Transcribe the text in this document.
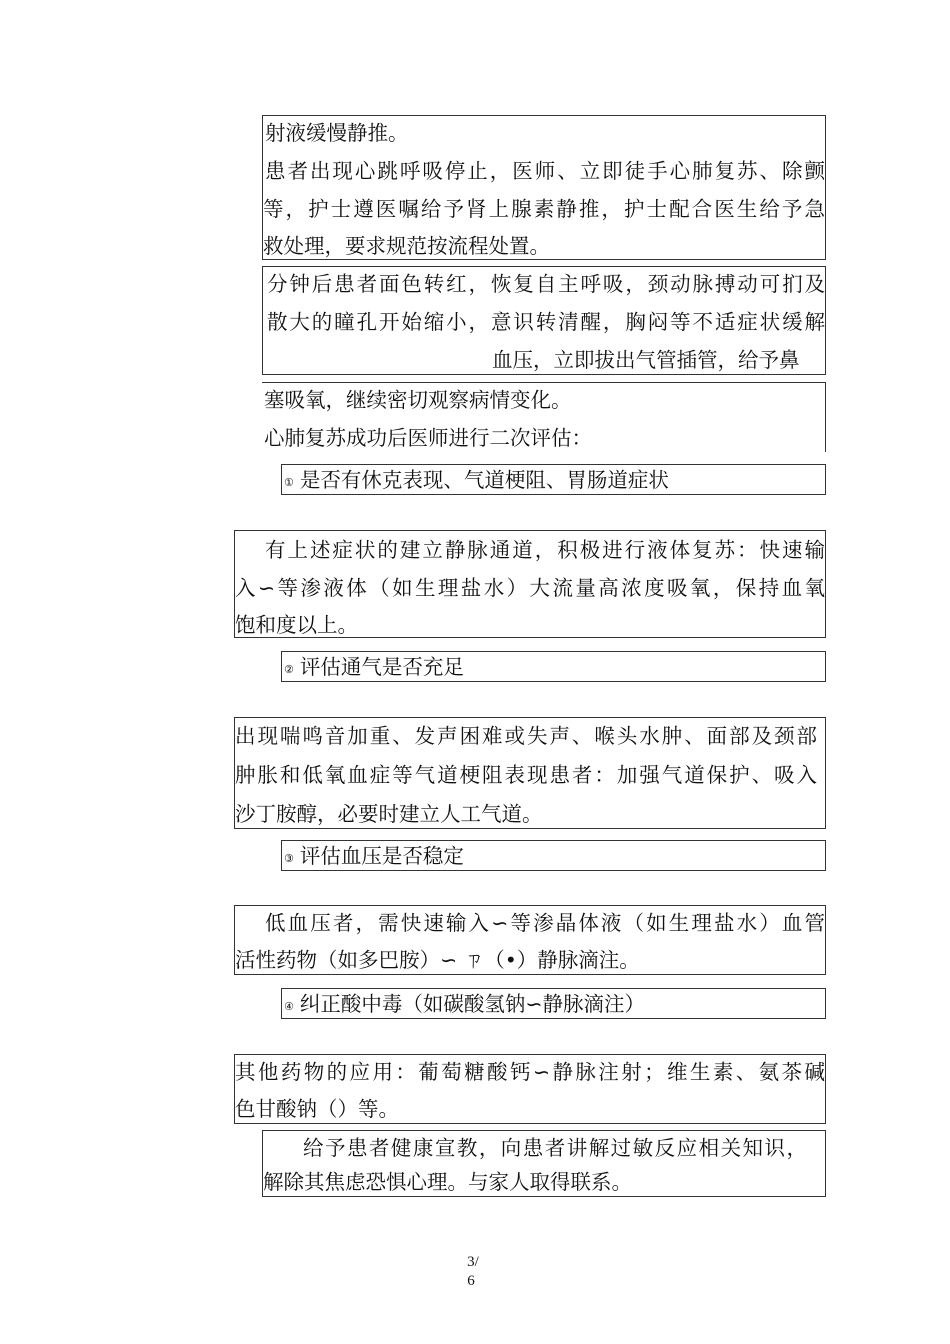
射液缓慢静推。
患者出现心跳呼吸停止，医师、立即徒手心肺复苏、除颤
等，护士遵医嘱给予肾上腺素静推，护士配合医生给予急
救处理，要求规范按流程处置。
分钟后患者面色转红，恢复自主呼吸，颈动脉搏动可扪及
散大的瞳孔开始缩小，意识转清醒，胸闷等不适症状缓解
血压，立即拔出气管插管，给予鼻
塞吸氧，继续密切观察病情变化。
心肺复苏成功后医师进行二次评估：
① 是否有休克表现、气道梗阻、胃肠道症状
有上述症状的建立静脉通道，积极进行液体复苏：快速输
入∽等渗液体（如生理盐水）大流量高浓度吸氧，保持血氧
饱和度以上。
② 评估通气是否充足
出现喘鸣音加重、发声困难或失声、喉头水肿、面部及颈部
肿胀和低氧血症等气道梗阻表现患者：加强气道保护、吸入
沙丁胺醇，必要时建立人工气道。
③ 评估血压是否稳定
低血压者，需快速输入∽等渗晶体液（如生理盐水）血管
活性药物（如多巴胺）∽ ㄗ（•）静脉滴注。
④ 纠正酸中毒（如碳酸氢钠∽静脉滴注）
其他药物的应用：葡萄糖酸钙∽静脉注射；维生素、氨茶碱
色甘酸钠（）等。
给予患者健康宣教，向患者讲解过敏反应相关知识，
解除其焦虑恐惧心理。与家人取得联系。
3/
6
